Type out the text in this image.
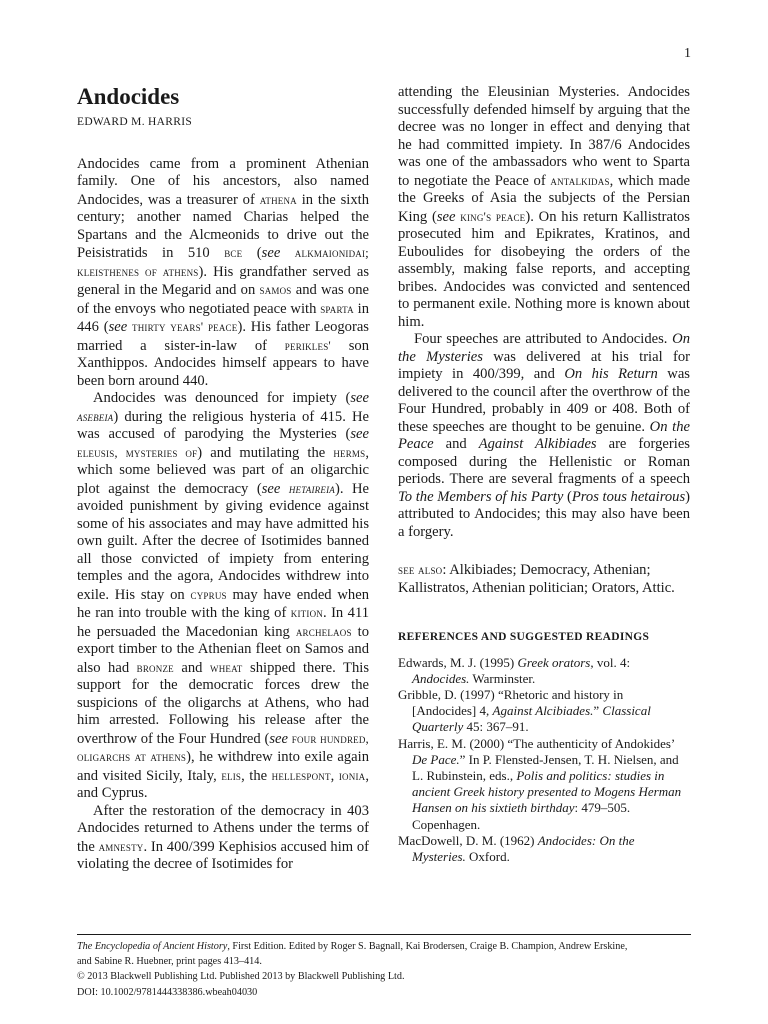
1
Andocides
EDWARD M. HARRIS

Andocides came from a prominent Athenian family. One of his ancestors, also named Andocides, was a treasurer of athena in the sixth century; another named Charias helped the Spartans and the Alcmeonids to drive out the Peisistratids in 510 bce (see alkmaionidai; kleisthenes of athens). His grandfather served as general in the Megarid and on samos and was one of the envoys who negotiated peace with sparta in 446 (see thirty years' peace). His father Leogoras married a sister-in-law of perikles' son Xanthippos. Andocides himself appears to have been born around 440.

Andocides was denounced for impiety (see asebeia) during the religious hysteria of 415. He was accused of parodying the Mysteries (see eleusis, mysteries of) and mutilating the herms, which some believed was part of an oligarchic plot against the democracy (see hetaireia). He avoided punishment by giving evidence against some of his associates and may have admitted his own guilt. After the decree of Isotimides banned all those convicted of impiety from entering temples and the agora, Andocides withdrew into exile. His stay on cyprus may have ended when he ran into trouble with the king of kition. In 411 he persuaded the Macedonian king archelaos to export timber to the Athenian fleet on Samos and also had bronze and wheat shipped there. This support for the democratic forces drew the suspicions of the oligarchs at Athens, who had him arrested. Following his release after the overthrow of the Four Hundred (see four hundred, oligarchs at athens), he withdrew into exile again and visited Sicily, Italy, elis, the hellespont, ionia, and Cyprus.

After the restoration of the democracy in 403 Andocides returned to Athens under the terms of the amnesty. In 400/399 Kephisios accused him of violating the decree of Isotimides for

attending the Eleusinian Mysteries. Andocides successfully defended himself by arguing that the decree was no longer in effect and denying that he had committed impiety. In 387/6 Andocides was one of the ambassadors who went to Sparta to negotiate the Peace of antalkidas, which made the Greeks of Asia the subjects of the Persian King (see king's peace). On his return Kallistratos prosecuted him and Epikrates, Kratinos, and Euboulides for disobeying the orders of the assembly, making false reports, and accepting bribes. Andocides was convicted and sentenced to permanent exile. Nothing more is known about him.

Four speeches are attributed to Andocides. On the Mysteries was delivered at his trial for impiety in 400/399, and On his Return was delivered to the council after the overthrow of the Four Hundred, probably in 409 or 408. Both of these speeches are thought to be genuine. On the Peace and Against Alkibiades are forgeries composed during the Hellenistic or Roman periods. There are several fragments of a speech To the Members of his Party (Pros tous hetairous) attributed to Andocides; this may also have been a forgery.

see also: Alkibiades; Democracy, Athenian; Kallistratos, Athenian politician; Orators, Attic.
REFERENCES AND SUGGESTED READINGS
Edwards, M. J. (1995) Greek orators, vol. 4: Andocides. Warminster.
Gribble, D. (1997) “Rhetoric and history in [Andocides] 4, Against Alcibiades.” Classical Quarterly 45: 367–91.
Harris, E. M. (2000) “The authenticity of Andokides’ De Pace.” In P. Flensted-Jensen, T. H. Nielsen, and L. Rubinstein, eds., Polis and politics: studies in ancient Greek history presented to Mogens Herman Hansen on his sixtieth birthday: 479–505. Copenhagen.
MacDowell, D. M. (1962) Andocides: On the Mysteries. Oxford.
The Encyclopedia of Ancient History, First Edition. Edited by Roger S. Bagnall, Kai Brodersen, Craige B. Champion, Andrew Erskine,
and Sabine R. Huebner, print pages 413–414.
© 2013 Blackwell Publishing Ltd. Published 2013 by Blackwell Publishing Ltd.
DOI: 10.1002/9781444338386.wbeah04030
